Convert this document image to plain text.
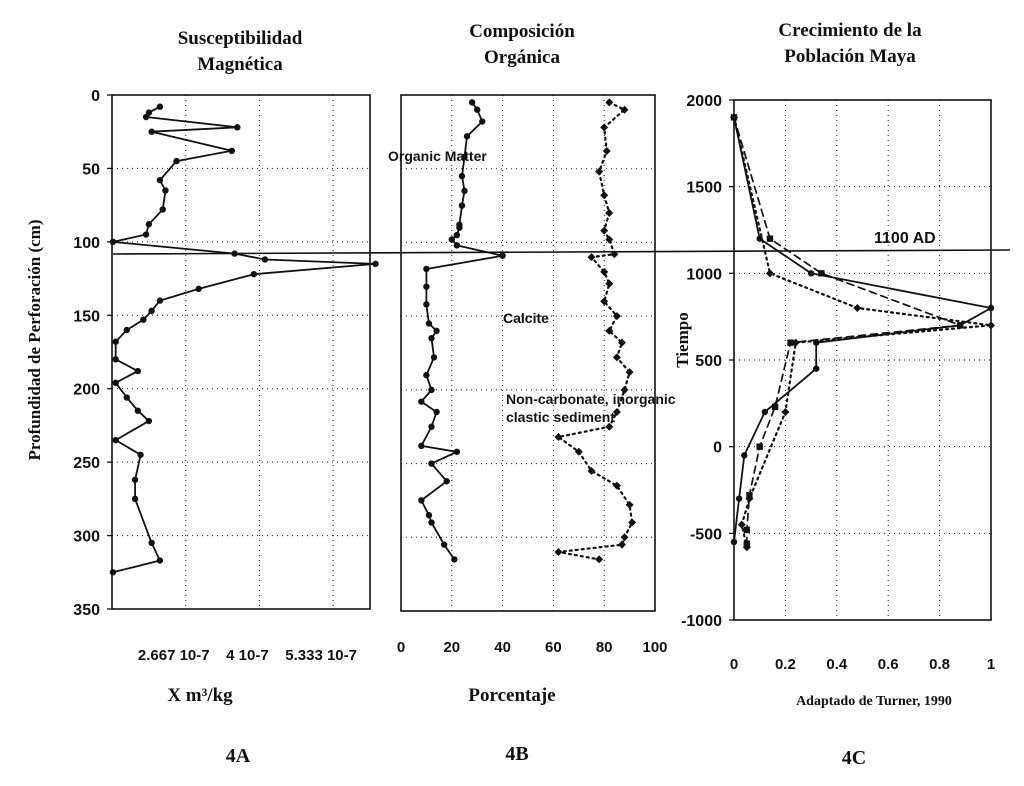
Susceptibilidad
Magnética
0
50
100
150
200
250
300
350
2.667 10-7 4 10-7 5.333 10-7
X m³/kg
4A
Profundidad de Perforación (cm)
Composición
Orgánica
0	20 40 60 80 100
Organic Matter
Calcite
Non-carbonate, inorganic
clastic sediment
Porcentaje
4B
Crecimiento de la
Población Maya
-1000
-500
0
500
1000
1500
2000
0 0.2 0.4 0.6 0.8 1
1100 AD
Tiempo
Adaptado de Turner, 1990
4C
